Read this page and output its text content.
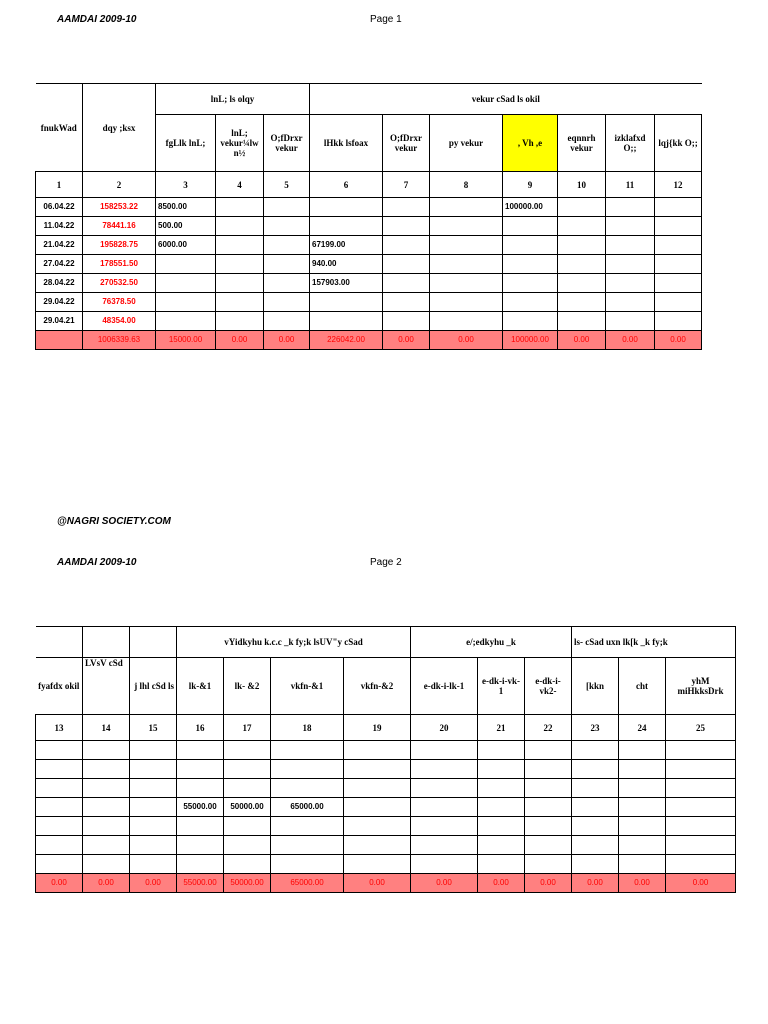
AAMDAI 2009-10	Page 1
fnukWad	dqy ;ksx	lnL; ls olqy			vekur cSad ls okil						
		fgLlk lnL;	lnL; vekur¼lw n½	O;fDrxr vekur	lHkk lsfoax	O;fDrxr vekur	py vekur	, Vh ,e	eqnnrh vekur	izklafxd O;;	lqj{kk O;;
1	2	3	4	5	6	7	8	9	10	11	12
06.04.22	158253.22	8500.00						100000.00			
11.04.22	78441.16	500.00									
21.04.22	195828.75	6000.00			67199.00						
27.04.22	178551.50				940.00						
28.04.22	270532.50				157903.00						
29.04.22	76378.50										
29.04.21	48354.00										
	1006339.63	15000.00	0.00	0.00	226042.00	0.00	0.00	100000.00	0.00	0.00	0.00
@NAGRI SOCIETY.COM
AAMDAI 2009-10	Page 2
			vYidkyhu k.c.c _k fy;k lsUV"y cSad				e/;edkyhu _k			ls- cSad uxn lk[k _k fy;k		
fyafdx okil	LVsV cSd	j lhl cSd ls	lk-&1	lk- &2	vkfn-&1	vkfn-&2	e-dk-i-lk-1	e-dk-i-vk-1	e-dk-i-vk2-	[kkn	cht	yhM miHkksDrk
13	14	15	16	17	18	19	20	21	22	23	24	25

			55000.00	50000.00	65000.00							

0.00	0.00	0.00	55000.00	50000.00	65000.00	0.00	0.00	0.00	0.00	0.00	0.00	0.00
